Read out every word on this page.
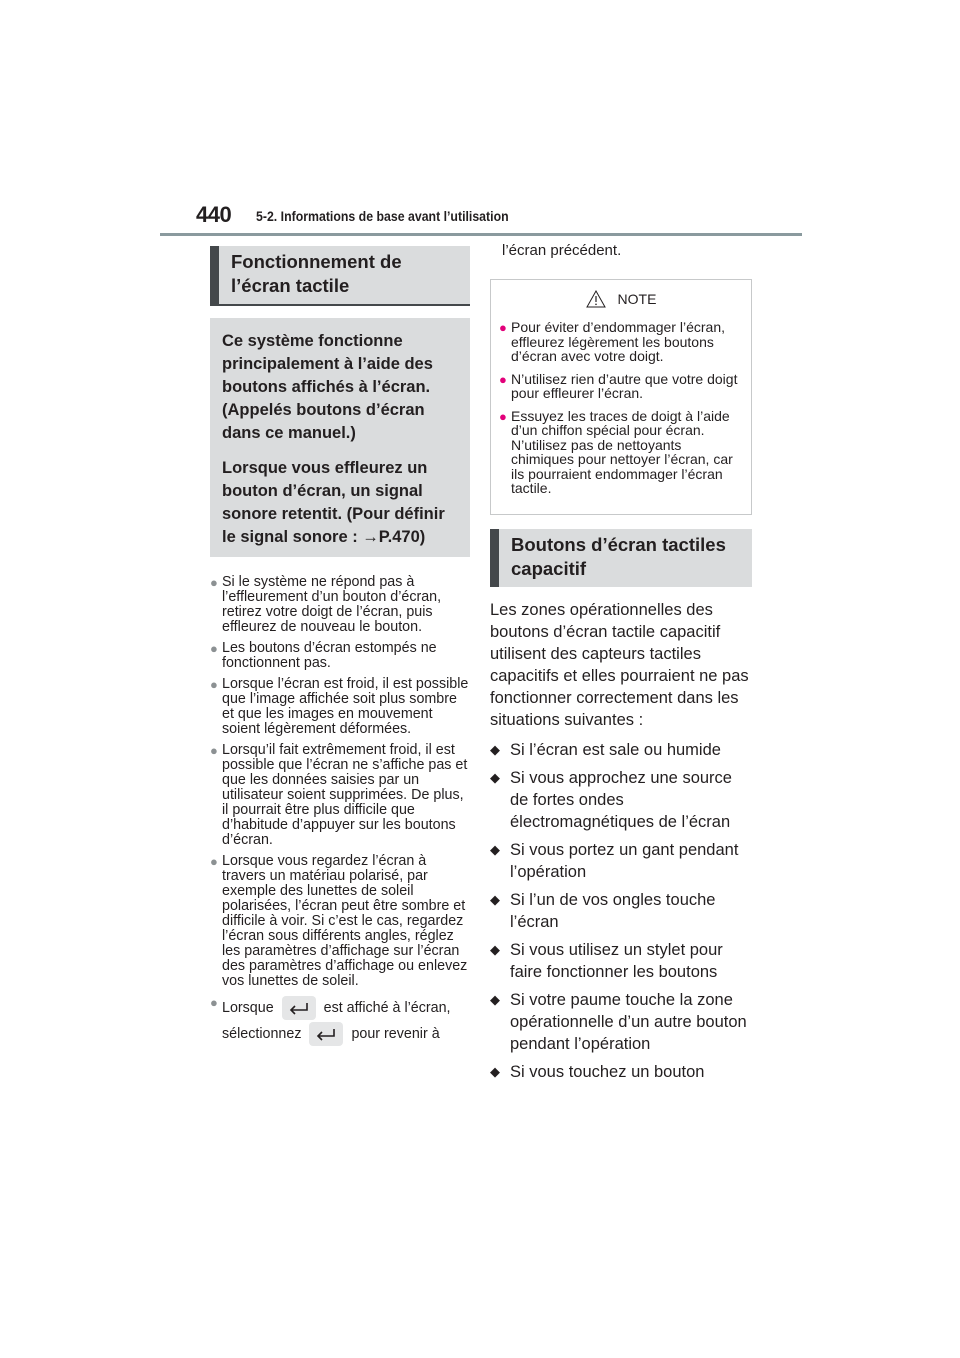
440 5-2. Informations de base avant l’utilisation
Fonctionnement de
l’écran tactile

Ce système fonctionne principalement à l’aide des boutons affichés à l’écran. (Appelés boutons d’écran dans ce manuel.)

Lorsque vous effleurez un bouton d’écran, un signal sonore retentit. (Pour définir le signal sonore : →P.470)

● Si le système ne répond pas à l’effleurement d’un bouton d’écran, retirez votre doigt de l’écran, puis effleurez de nouveau le bouton.
● Les boutons d’écran estompés ne fonctionnent pas.
● Lorsque l’écran est froid, il est possible que l’image affichée soit plus sombre et que les images en mouvement soient légèrement déformées.
● Lorsqu’il fait extrêmement froid, il est possible que l’écran ne s’affiche pas et que les données saisies par un utilisateur soient supprimées. De plus, il pourrait être plus difficile que d’habitude d’appuyer sur les boutons d’écran.
● Lorsque vous regardez l’écran à travers un matériau polarisé, par exemple des lunettes de soleil polarisées, l’écran peut être sombre et difficile à voir. Si c’est le cas, regardez l’écran sous différents angles, réglez les paramètres d’affichage sur l’écran des paramètres d’affichage ou enlevez vos lunettes de soleil.
● Lorsque	est affiché à l’écran, sélectionnez	pour revenir à
l’écran précédent.
NOTE
● Pour éviter d’endommager l’écran, effleurez légèrement les boutons d’écran avec votre doigt.
● N’utilisez rien d’autre que votre doigt pour effleurer l’écran.
● Essuyez les traces de doigt à l’aide d’un chiffon spécial pour écran. N’utilisez pas de nettoyants chimiques pour nettoyer l’écran, car ils pourraient endommager l’écran tactile.
Boutons d’écran tactiles
capacitif
Les zones opérationnelles des boutons d’écran tactile capacitif utilisent des capteurs tactiles capacitifs et elles pourraient ne pas fonctionner correctement dans les situations suivantes :
◆ Si l’écran est sale ou humide
◆ Si vous approchez une source de fortes ondes électromagnétiques de l’écran
◆ Si vous portez un gant pendant l’opération
◆ Si l’un de vos ongles touche l’écran
◆ Si vous utilisez un stylet pour faire fonctionner les boutons
◆ Si votre paume touche la zone opérationnelle d’un autre bouton pendant l’opération
◆ Si vous touchez un bouton
